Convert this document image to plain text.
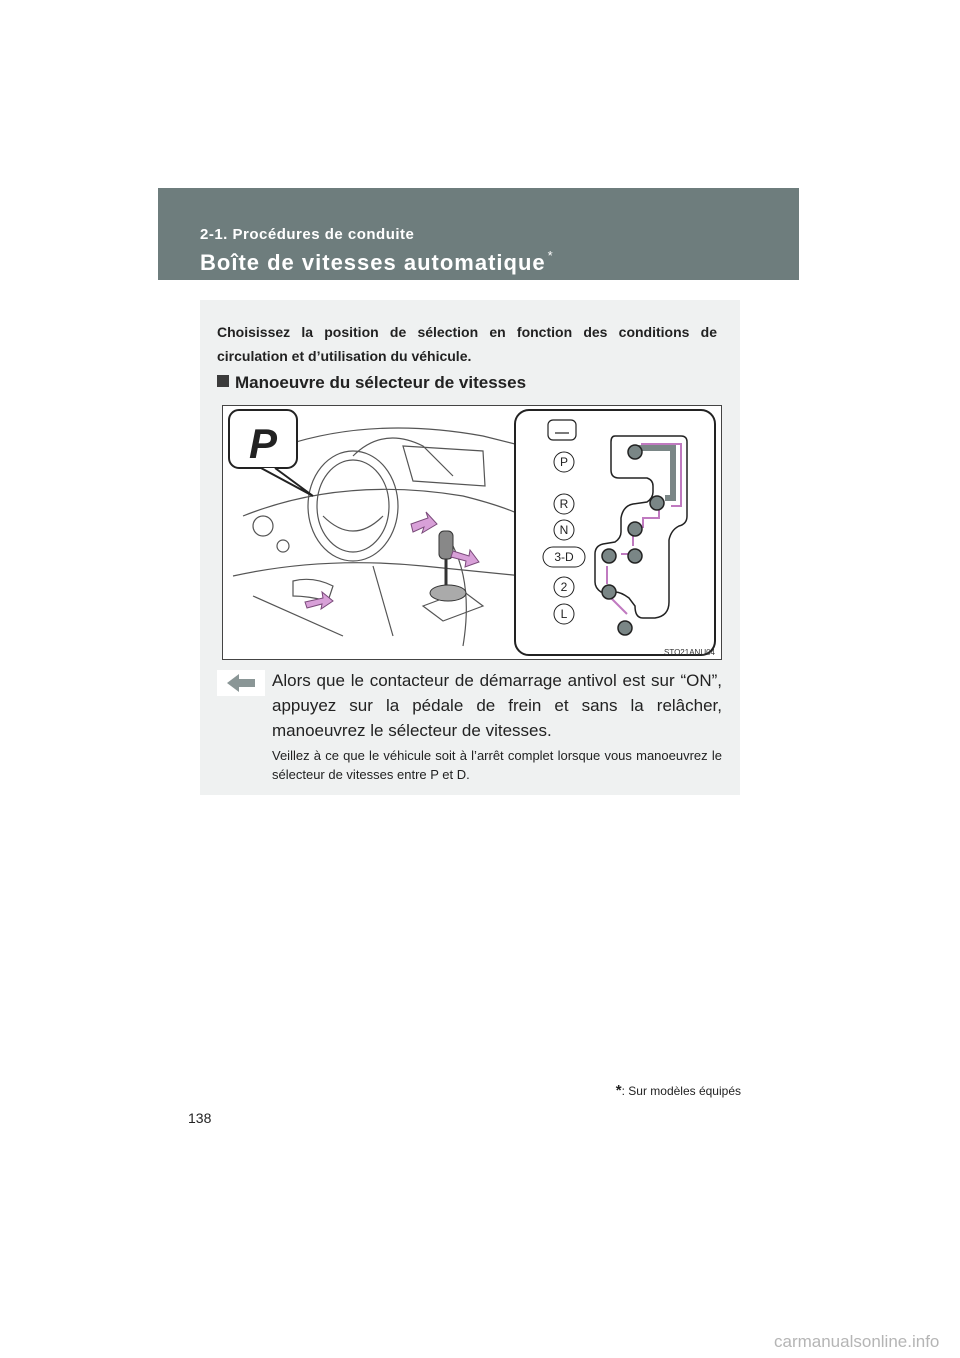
2-1. Procédures de conduite
Boîte de vitesses automatique *
Choisissez la position de sélection en fonction des conditions de circulation et d’utilisation du véhicule.
Manoeuvre du sélecteur de vitesses
P	P
R
N
3-D
2
L
STO21ANU04
Alors que le contacteur de démarrage antivol est sur “ON”, appuyez sur la pédale de frein et sans la relâcher, manoeuvrez le sélecteur de vitesses.
Veillez à ce que le véhicule soit à l’arrêt complet lorsque vous manoeuvrez le sélecteur de vitesses entre P et D.
*: Sur modèles équipés
138
carmanualsonline.info
